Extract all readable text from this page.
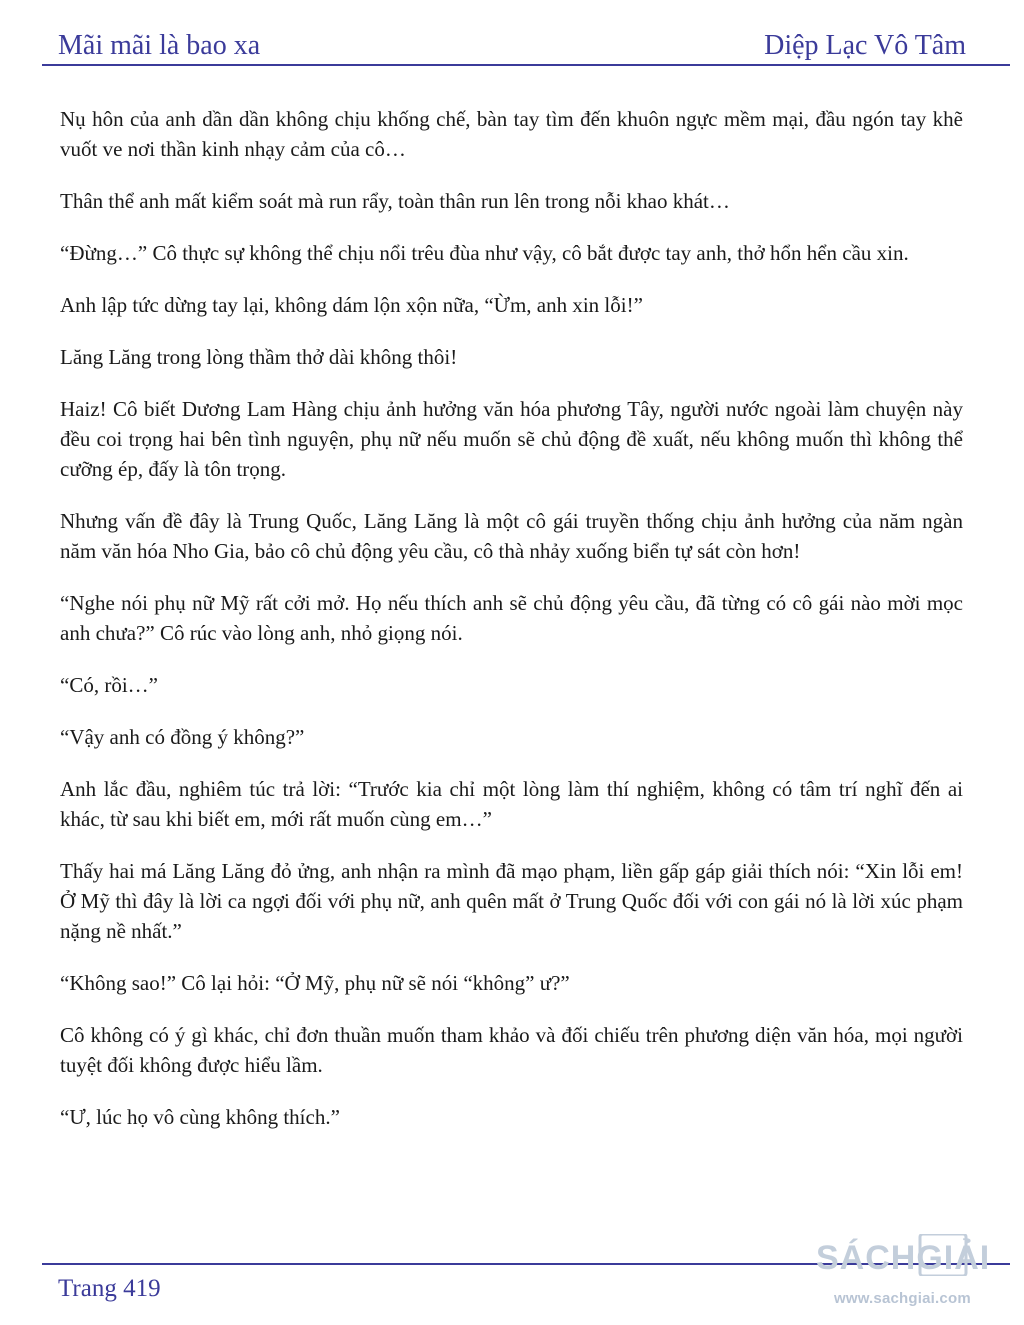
Mãi mãi là bao xa	Diệp Lạc Vô Tâm

Nụ hôn của anh dần dần không chịu khống chế, bàn tay tìm đến khuôn ngực mềm mại, đầu ngón tay khẽ vuốt ve nơi thần kinh nhạy cảm của cô…

Thân thể anh mất kiểm soát mà run rẩy, toàn thân run lên trong nỗi khao khát…

“Đừng…” Cô thực sự không thể chịu nổi trêu đùa như vậy, cô bắt được tay anh, thở hổn hển cầu xin.

Anh lập tức dừng tay lại, không dám lộn xộn nữa, “Ừm, anh xin lỗi!”

Lăng Lăng trong lòng thầm thở dài không thôi!

Haiz! Cô biết Dương Lam Hàng chịu ảnh hưởng văn hóa phương Tây, người nước ngoài làm chuyện này đều coi trọng hai bên tình nguyện, phụ nữ nếu muốn sẽ chủ động đề xuất, nếu không muốn thì không thể cưỡng ép, đấy là tôn trọng.

Nhưng vấn đề đây là Trung Quốc, Lăng Lăng là một cô gái truyền thống chịu ảnh hưởng của năm ngàn năm văn hóa Nho Gia, bảo cô chủ động yêu cầu, cô thà nhảy xuống biển tự sát còn hơn!

“Nghe nói phụ nữ Mỹ rất cởi mở. Họ nếu thích anh sẽ chủ động yêu cầu, đã từng có cô gái nào mời mọc anh chưa?” Cô rúc vào lòng anh, nhỏ giọng nói.

“Có, rồi…”

“Vậy anh có đồng ý không?”

Anh lắc đầu, nghiêm túc trả lời: “Trước kia chỉ một lòng làm thí nghiệm, không có tâm trí nghĩ đến ai khác, từ sau khi biết em, mới rất muốn cùng em…”

Thấy hai má Lăng Lăng đỏ ửng, anh nhận ra mình đã mạo phạm, liền gấp gáp giải thích nói: “Xin lỗi em! Ở Mỹ thì đây là lời ca ngợi đối với phụ nữ, anh quên mất ở Trung Quốc đối với con gái nó là lời xúc phạm nặng nề nhất.”

“Không sao!” Cô lại hỏi: “Ở Mỹ, phụ nữ sẽ nói “không” ư?”

Cô không có ý gì khác, chỉ đơn thuần muốn tham khảo và đối chiếu trên phương diện văn hóa, mọi người tuyệt đối không được hiểu lầm.

“Ư, lúc họ vô cùng không thích.”

Trang 419
SÁCHGIẢI
www.sachgiai.com
